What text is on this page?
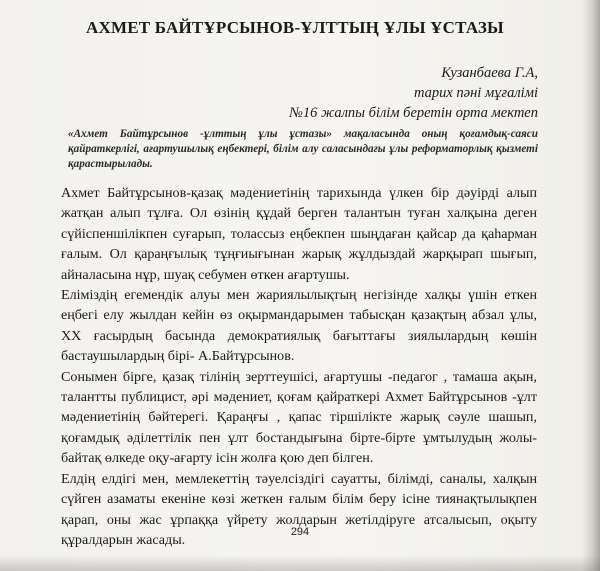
АХМЕТ БАЙТҰРСЫНОВ-ҰЛТТЫҢ ҰЛЫ ҰСТАЗЫ
Кузанбаева Г.А,
тарих пәні мұғалімі
№16 жалпы білім беретін орта мектеп
«Ахмет Байтұрсынов -ұлттың ұлы ұстазы» мақаласында оның қоғамдық-саяси қайраткерлігі, ағартушылық еңбектері, білім алу саласындағы ұлы реформаторлық қызметі қарастырылады.

Ахмет Байтұрсынов-қазақ мәдениетінің тарихында үлкен бір дәуірді алып жатқан алып тұлға. Ол өзінің құдай берген талантын туған халқына деген сүйіспеншілікпен суғарып, толассыз еңбекпен шыңдаған қайсар да қаһарман ғалым. Ол қараңғылық тұңғиығынан жарық жұлдыздай жарқырап шығып, айналасына нұр, шуақ себумен өткен ағартушы.

Еліміздің егемендік алуы мен жариялылықтың негізінде халқы үшін еткен еңбегі елу жылдан кейін өз оқырмандарымен табысқан қазақтың абзал ұлы, ХХ ғасырдың басында демократиялық бағыттағы зиялылардың көшін бастаушылардың бірі- А.Байтұрсынов.

Сонымен бірге, қазақ тілінің зерттеушісі, ағартушы -педагог , тамаша ақын, талантты публицист, әрі мәдениет, қоғам қайраткері Ахмет Байтұрсынов -ұлт мәдениетінің бәйтерегі. Қараңғы , қапас тіршілікте жарық сәуле шашып, қоғамдық әділеттілік пен ұлт бостандығына бірте-бірте ұмтылудың жолы-байтақ өлкеде оқу-ағарту ісін жолға қою деп білген.

Елдің елдігі мен, мемлекеттің тәуелсіздігі сауатты, білімді, саналы, халқын сүйген азаматы екеніне көзі жеткен ғалым білім беру ісіне тиянақтылықпен қарап, оны жас ұрпаққа үйрету жолдарын жетілдіруге атсалысып, оқыту құралдарын жасады.	294
